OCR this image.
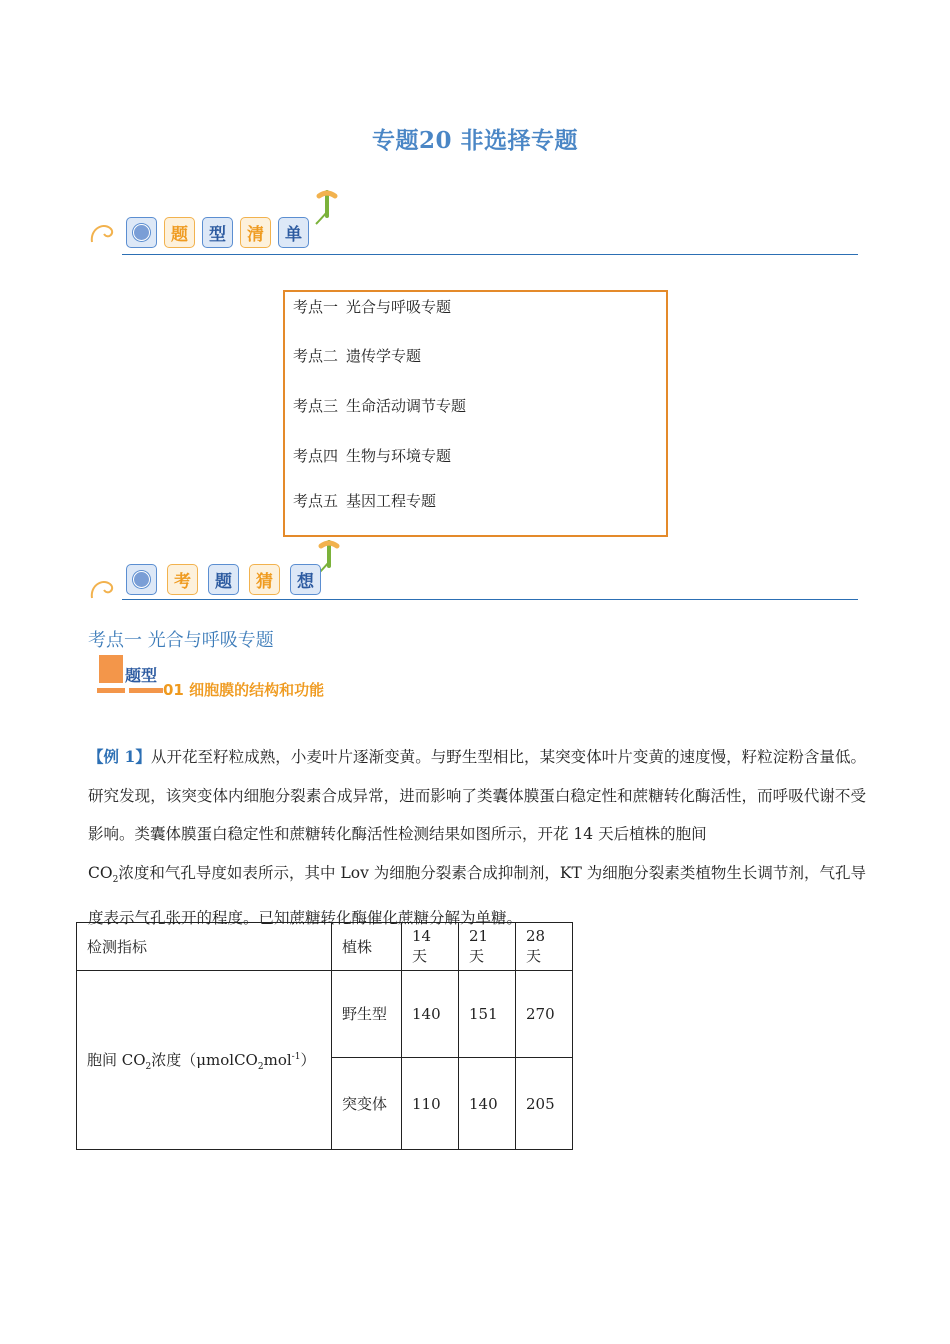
专题20 非选择专题
题	型	清	单
考点一 光合与呼吸专题
考点二 遗传学专题
考点三 生命活动调节专题
考点四 生物与环境专题
考点五 基因工程专题
考	题	猜	想
考点一 光合与呼吸专题
题型
01 细胞膜的结构和功能
【例 1】从开花至籽粒成熟，小麦叶片逐渐变黄。与野生型相比，某突变体叶片变黄的速度慢，籽粒淀粉含量低。研究发现，该突变体内细胞分裂素合成异常，进而影响了类囊体膜蛋白稳定性和蔗糖转化酶活性，而呼吸代谢不受影响。类囊体膜蛋白稳定性和蔗糖转化酶活性检测结果如图所示，开花 14 天后植株的胞间
$CO_2$浓度和气孔导度如表所示，其中 Lov 为细胞分裂素合成抑制剂，KT 为细胞分裂素类植物生长调节剂，气孔导度表示气孔张开的程度。已知蔗糖转化酶催化蔗糖分解为单糖。
检测指标	植株	14 天	21 天	28 天
胞间 $CO_2$浓度（μmolCO$_2$mol$^{-1}$）	野生型	140	151	270
	突变体	110	140	205
